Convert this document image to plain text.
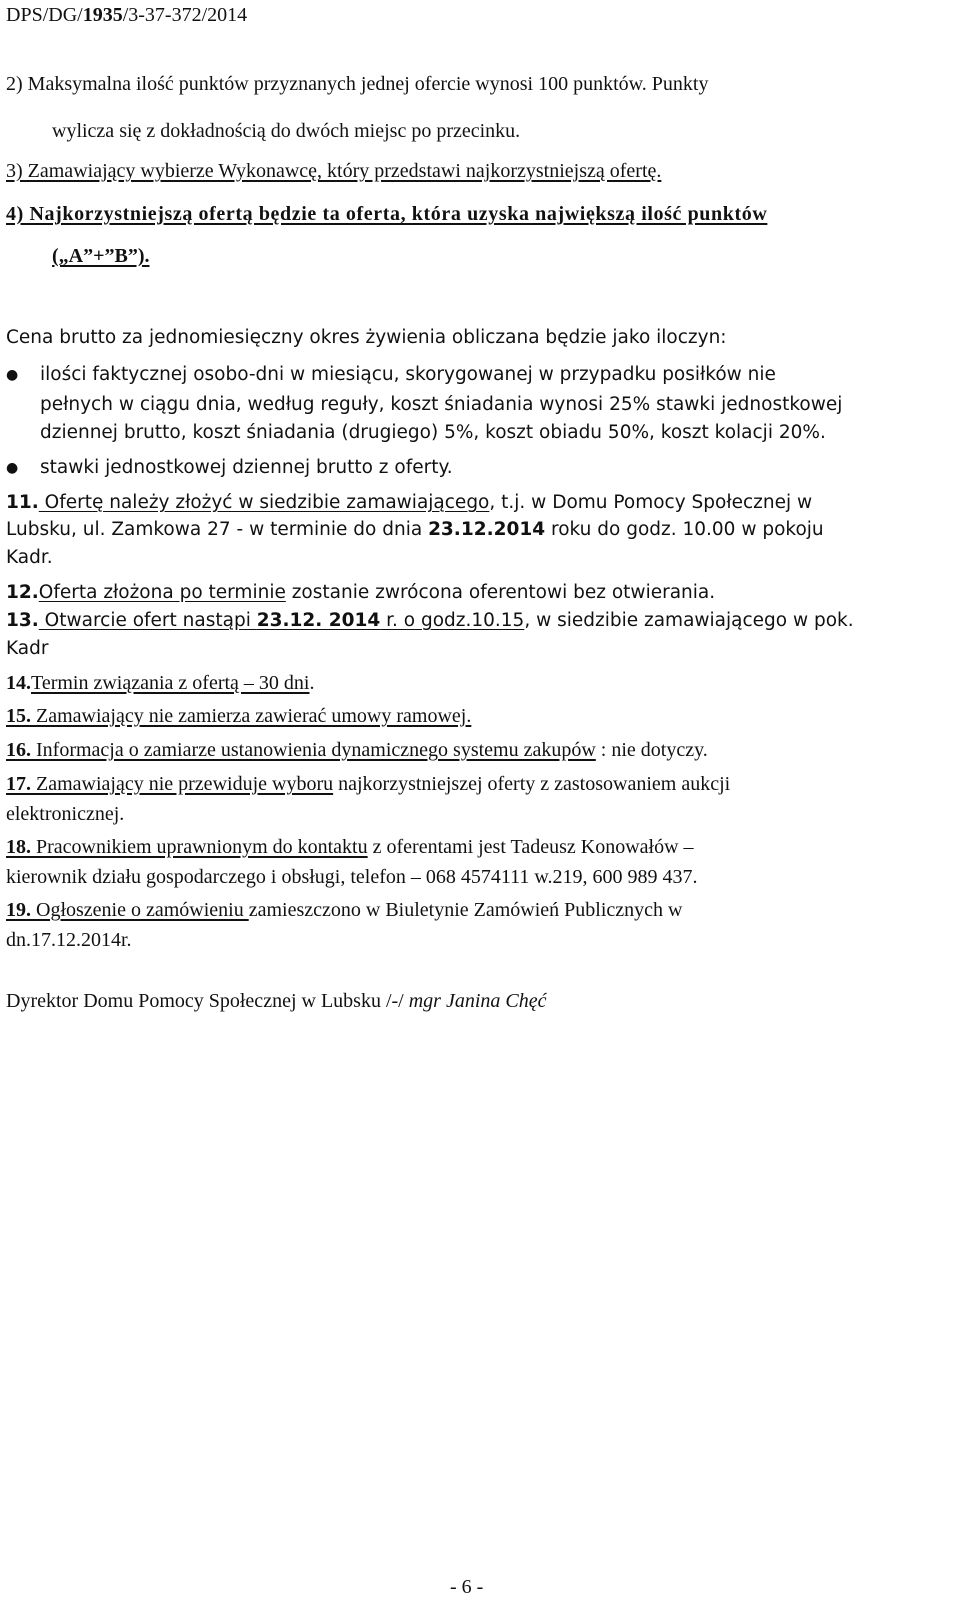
DPS/DG/1935/3-37-372/2014
2) Maksymalna ilość punktów przyznanych jednej ofercie wynosi 100 punktów. Punkty
wylicza się z dokładnością do dwóch miejsc po przecinku.
3) Zamawiający wybierze Wykonawcę, który przedstawi najkorzystniejszą ofertę.
4) Najkorzystniejszą ofertą będzie ta oferta, która uzyska największą ilość punktów
(„A”+”B”).
Cena brutto za jednomiesięczny okres żywienia obliczana będzie jako iloczyn:
● ilości faktycznej osobo-dni w miesiącu, skorygowanej w przypadku posiłków nie
pełnych w ciągu dnia, według reguły, koszt śniadania wynosi 25% stawki jednostkowej
dziennej brutto, koszt śniadania (drugiego) 5%, koszt obiadu 50%, koszt kolacji 20%.
● stawki jednostkowej dziennej brutto z oferty.
11. Ofertę należy złożyć w siedzibie zamawiającego, t.j. w Domu Pomocy Społecznej w
Lubsku, ul. Zamkowa 27 - w terminie do dnia 23.12.2014 roku do godz. 10.00 w pokoju
Kadr.
12.Oferta złożona po terminie zostanie zwrócona oferentowi bez otwierania.
13. Otwarcie ofert nastąpi 23.12. 2014 r. o godz.10.15, w siedzibie zamawiającego w pok.
Kadr
14.Termin związania z ofertą – 30 dni.
15. Zamawiający nie zamierza zawierać umowy ramowej.
16. Informacja o zamiarze ustanowienia dynamicznego systemu zakupów : nie dotyczy.
17. Zamawiający nie przewiduje wyboru najkorzystniejszej oferty z zastosowaniem aukcji
elektronicznej.
18. Pracownikiem uprawnionym do kontaktu z oferentami jest Tadeusz Konowałów –
kierownik działu gospodarczego i obsługi, telefon – 068 4574111 w.219, 600 989 437.
19. Ogłoszenie o zamówieniu zamieszczono w Biuletynie Zamówień Publicznych w
dn.17.12.2014r.
Dyrektor Domu Pomocy Społecznej w Lubsku /-/ mgr Janina Chęć
- 6 -
